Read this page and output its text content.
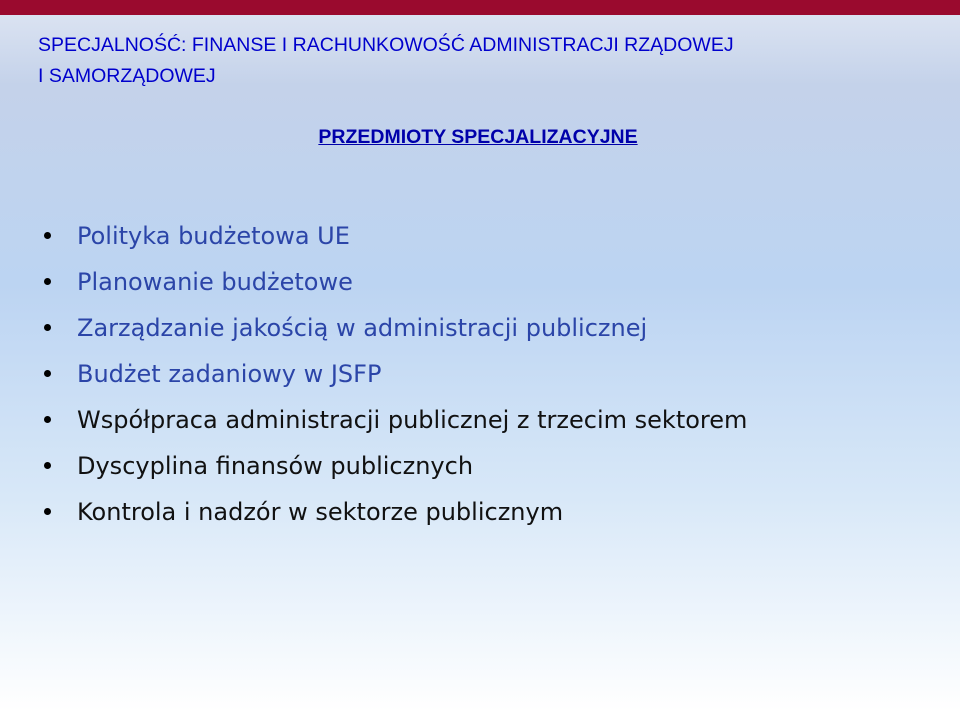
SPECJALNOŚĆ: FINANSE I RACHUNKOWOŚĆ ADMINISTRACJI RZĄDOWEJ
I SAMORZĄDOWEJ
PRZEDMIOTY SPECJALIZACYJNE
Polityka budżetowa UE
Planowanie budżetowe
Zarządzanie jakością w administracji publicznej
Budżet zadaniowy w JSFP
Współpraca administracji publicznej z trzecim sektorem
Dyscyplina finansów publicznych
Kontrola i nadzór w sektorze publicznym
